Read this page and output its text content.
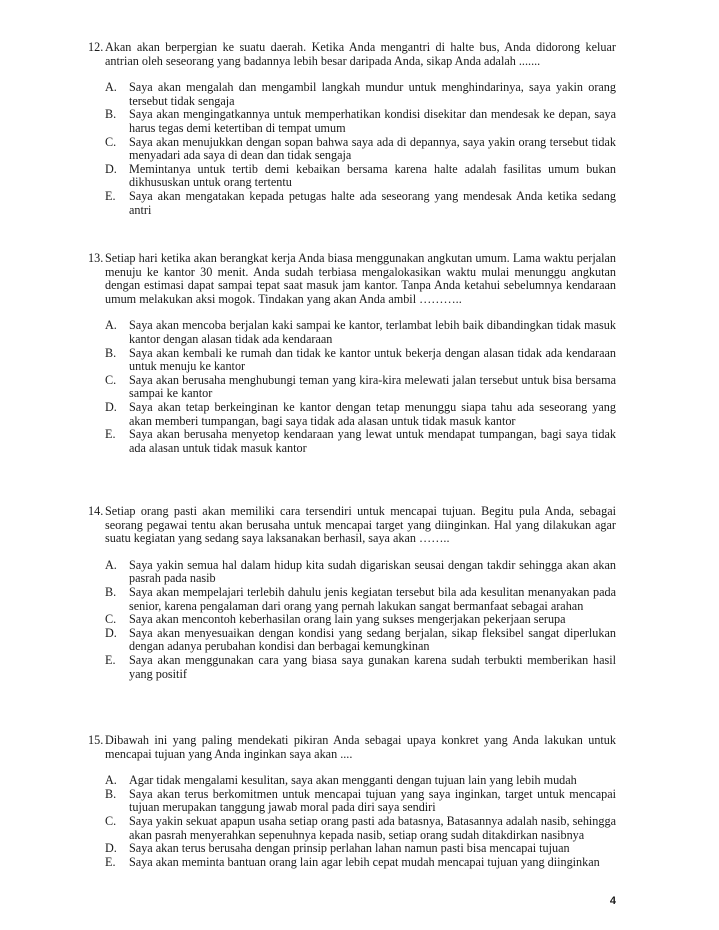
12. Akan akan berpergian ke suatu daerah. Ketika Anda mengantri di halte bus, Anda didorong keluar antrian oleh seseorang yang badannya lebih besar daripada Anda, sikap Anda adalah .......
A. Saya akan mengalah dan mengambil langkah mundur untuk menghindarinya, saya yakin orang tersebut tidak sengaja
B. Saya akan mengingatkannya untuk memperhatikan kondisi disekitar dan mendesak ke depan, saya harus tegas demi ketertiban di tempat umum
C. Saya akan menujukkan dengan sopan bahwa saya ada di depannya, saya yakin orang tersebut tidak menyadari ada saya di dean dan tidak sengaja
D. Memintanya untuk tertib demi kebaikan bersama karena halte adalah fasilitas umum bukan dikhususkan untuk orang tertentu
E. Saya akan mengatakan kepada petugas halte ada seseorang yang mendesak Anda ketika sedang antri
13. Setiap hari ketika akan berangkat kerja Anda biasa menggunakan angkutan umum. Lama waktu perjalan menuju ke kantor 30 menit. Anda sudah terbiasa mengalokasikan waktu mulai menunggu angkutan dengan estimasi dapat sampai tepat saat masuk jam kantor. Tanpa Anda ketahui sebelumnya kendaraan umum melakukan aksi mogok. Tindakan yang akan Anda ambil ………..
A. Saya akan mencoba berjalan kaki sampai ke kantor, terlambat lebih baik dibandingkan tidak masuk kantor dengan alasan tidak ada kendaraan
B. Saya akan kembali ke rumah dan tidak ke kantor untuk bekerja dengan alasan tidak ada kendaraan untuk menuju ke kantor
C. Saya akan berusaha menghubungi teman yang kira-kira melewati jalan tersebut untuk bisa bersama sampai ke kantor
D. Saya akan tetap berkeinginan ke kantor dengan tetap menunggu siapa tahu ada seseorang yang akan memberi tumpangan, bagi saya tidak ada alasan untuk tidak masuk kantor
E. Saya akan berusaha menyetop kendaraan yang lewat untuk mendapat tumpangan, bagi saya tidak ada alasan untuk tidak masuk kantor
14. Setiap orang pasti akan memiliki cara tersendiri untuk mencapai tujuan. Begitu pula Anda, sebagai seorang pegawai tentu akan berusaha untuk mencapai target yang diinginkan. Hal yang dilakukan agar suatu kegiatan yang sedang saya laksanakan berhasil, saya akan ……..
A. Saya yakin semua hal dalam hidup kita sudah digariskan seusai dengan takdir sehingga akan akan pasrah pada nasib
B. Saya akan mempelajari terlebih dahulu jenis kegiatan tersebut bila ada kesulitan menanyakan pada senior, karena pengalaman dari orang yang pernah lakukan sangat bermanfaat sebagai arahan
C. Saya akan mencontoh keberhasilan orang lain yang sukses mengerjakan pekerjaan serupa
D. Saya akan menyesuaikan dengan kondisi yang sedang berjalan, sikap fleksibel sangat diperlukan dengan adanya perubahan kondisi dan berbagai kemungkinan
E. Saya akan menggunakan cara yang biasa saya gunakan karena sudah terbukti memberikan hasil yang positif
15. Dibawah ini yang paling mendekati pikiran Anda sebagai upaya konkret yang Anda lakukan untuk mencapai tujuan yang Anda inginkan saya akan ....
A. Agar tidak mengalami kesulitan, saya akan mengganti dengan tujuan lain yang lebih mudah
B. Saya akan terus berkomitmen untuk mencapai tujuan yang saya inginkan, target untuk mencapai tujuan merupakan tanggung jawab moral pada diri saya sendiri
C. Saya yakin sekuat apapun usaha setiap orang pasti ada batasnya, Batasannya adalah nasib, sehingga akan pasrah menyerahkan sepenuhnya kepada nasib, setiap orang sudah ditakdirkan nasibnya
D. Saya akan terus berusaha dengan prinsip perlahan lahan namun pasti bisa mencapai tujuan
E. Saya akan meminta bantuan orang lain agar lebih cepat mudah mencapai tujuan yang diinginkan
4
